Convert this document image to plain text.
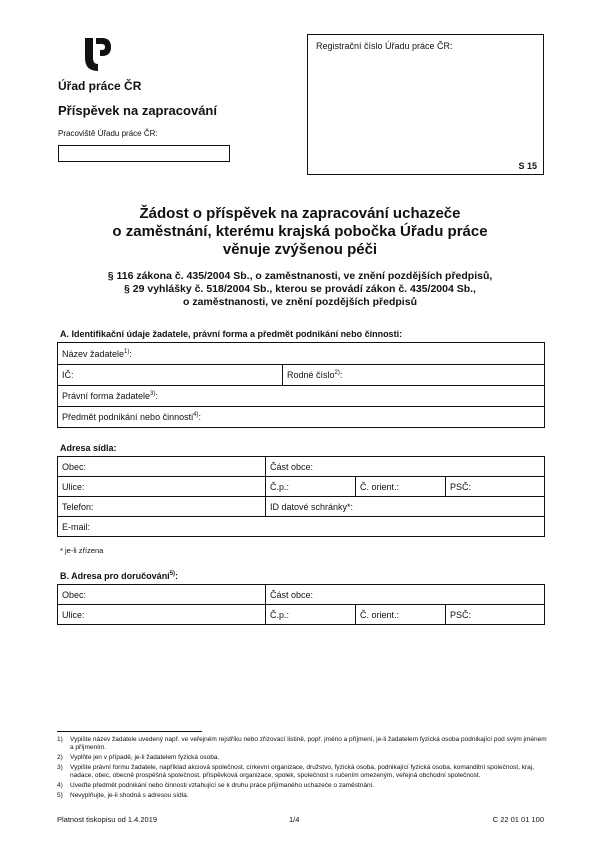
Úřad práce ČR
Příspěvek na zapracování
Pracoviště Úřadu práce ČR:
Registrační číslo Úřadu práce ČR:
S 15
Žádost o příspěvek na zapracování uchazeče
o zaměstnání, kterému krajská pobočka Úřadu práce
věnuje zvýšenou péči
§ 116 zákona č. 435/2004 Sb., o zaměstnanosti, ve znění pozdějších předpisů,
§ 29 vyhlášky č. 518/2004 Sb., kterou se provádí zákon č. 435/2004 Sb.,
o zaměstnanosti, ve znění pozdějších předpisů
A. Identifikační údaje žadatele, právní forma a předmět podnikání nebo činnosti:
Název žadatele$^{1)}$:
IČ:	Rodné číslo$^{2)}$:
Právní forma žadatele$^{3)}$:
Předmět podnikání nebo činnosti$^{4)}$:
Adresa sídla:
Obec:	Část obce:		
Ulice:	Č.p.:	Č. orient.:	PSČ:
Telefon:	ID datové schránky*:		
E-mail:			
* je-li zřízena
B. Adresa pro doručování$^{5)}$:
Obec:	Část obce:		
Ulice:	Č.p.:	Č. orient.:	PSČ:
1)	Vypište název žadatele uvedený např. ve veřejném rejstříku nebo zřizovací listině, popř. jméno a příjmení, je-li žadatelem fyzická osoba podnikající pod svým jménem a příjmením.
2)	Vyplňte jen v případě, je-li žadatelem fyzická osoba.
3)	Vypište právní formu žadatele, například akciová společnost, církevní organizace, družstvo, fyzická osoba, podnikající fyzická osoba, komanditní společnost, kraj, nadace, obec, obecně prospěšná společnost, příspěvková organizace, spolek, společnost s ručením omezeným, veřejná obchodní společnost.
4)	Uveďte předmět podnikání nebo činnosti vztahující se k druhu práce přijímaného uchazeče o zaměstnání.
5)	Nevyplňujte, je-li shodná s adresou sídla.
Platnost tiskopisu od 1.4.2019	1/4	C 22 01 01 100
